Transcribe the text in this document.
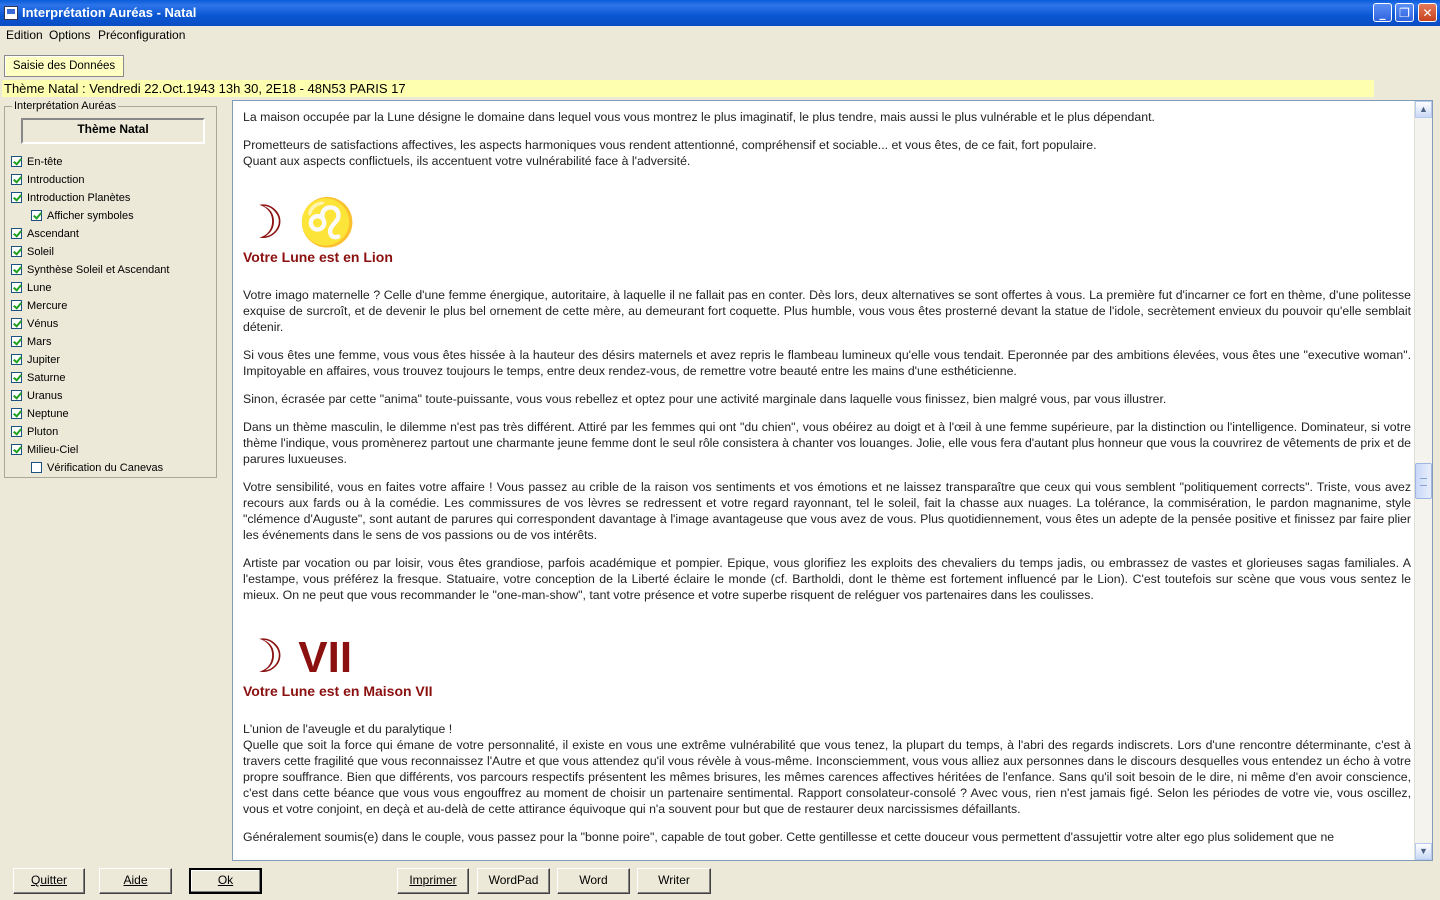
Interprétation Auréas - Natal	_	❐	✕
Edition Options Préconfiguration
Saisie des Données
Thème Natal : Vendredi 22.Oct.1943 13h 30, 2E18 - 48N53 PARIS 17
Interprétation Auréas
Thème Natal
En-tête
Introduction
Introduction Planètes
Afficher symboles
Ascendant
Soleil
Synthèse Soleil et Ascendant
Lune
Mercure
Vénus
Mars
Jupiter
Saturne
Uranus
Neptune
Pluton
Milieu-Ciel
Vérification du Canevas

La maison occupée par la Lune désigne le domaine dans lequel vous vous montrez le plus imaginatif, le plus tendre, mais aussi le plus vulnérable et le plus dépendant.

Prometteurs de satisfactions affectives, les aspects harmoniques vous rendent attentionné, compréhensif et sociable... et vous êtes, de ce fait, fort populaire.
Quant aux aspects conflictuels, ils accentuent votre vulnérabilité face à l'adversité.

☽ ♌
Votre Lune est en Lion

Votre imago maternelle ? Celle d'une femme énergique, autoritaire, à laquelle il ne fallait pas en conter. Dès lors, deux alternatives se sont offertes à vous. La première fut d'incarner ce fort en thème, d'une politesse exquise de surcroît, et de devenir le plus bel ornement de cette mère, au demeurant fort coquette. Plus humble, vous vous êtes prosterné devant la statue de l'idole, secrètement envieux du pouvoir qu'elle semblait détenir.

Si vous êtes une femme, vous vous êtes hissée à la hauteur des désirs maternels et avez repris le flambeau lumineux qu'elle vous tendait. Eperonnée par des ambitions élevées, vous êtes une "executive woman". Impitoyable en affaires, vous trouvez toujours le temps, entre deux rendez-vous, de remettre votre beauté entre les mains d'une esthéticienne.

Sinon, écrasée par cette "anima" toute-puissante, vous vous rebellez et optez pour une activité marginale dans laquelle vous finissez, bien malgré vous, par vous illustrer.

Dans un thème masculin, le dilemme n'est pas très différent. Attiré par les femmes qui ont "du chien", vous obéirez au doigt et à l'œil à une femme supérieure, par la distinction ou l'intelligence. Dominateur, si votre thème l'indique, vous promènerez partout une charmante jeune femme dont le seul rôle consistera à chanter vos louanges. Jolie, elle vous fera d'autant plus honneur que vous la couvrirez de vêtements de prix et de parures luxueuses.

Votre sensibilité, vous en faites votre affaire ! Vous passez au crible de la raison vos sentiments et vos émotions et ne laissez transparaître que ceux qui vous semblent "politiquement corrects". Triste, vous avez recours aux fards ou à la comédie. Les commissures de vos lèvres se redressent et votre regard rayonnant, tel le soleil, fait la chasse aux nuages. La tolérance, la commisération, le pardon magnanime, style "clémence d'Auguste", sont autant de parures qui correspondent davantage à l'image avantageuse que vous avez de vous. Plus quotidiennement, vous êtes un adepte de la pensée positive et finissez par faire plier les événements dans le sens de vos passions ou de vos intérêts.

Artiste par vocation ou par loisir, vous êtes grandiose, parfois académique et pompier. Epique, vous glorifiez les exploits des chevaliers du temps jadis, ou embrassez de vastes et glorieuses sagas familiales. A l'estampe, vous préférez la fresque. Statuaire, votre conception de la Liberté éclaire le monde (cf. Bartholdi, dont le thème est fortement influencé par le Lion). C'est toutefois sur scène que vous vous sentez le mieux. On ne peut que vous recommander le "one-man-show", tant votre présence et votre superbe risquent de reléguer vos partenaires dans les coulisses.

☽ VII
Votre Lune est en Maison VII

L'union de l'aveugle et du paralytique !
Quelle que soit la force qui émane de votre personnalité, il existe en vous une extrême vulnérabilité que vous tenez, la plupart du temps, à l'abri des regards indiscrets. Lors d'une rencontre déterminante, c'est à travers cette fragilité que vous reconnaissez l'Autre et que vous attendez qu'il vous révèle à vous-même. Inconsciemment, vous vous alliez aux personnes dans le discours desquelles vous entendez un écho à votre propre souffrance. Bien que différents, vos parcours respectifs présentent les mêmes brisures, les mêmes carences affectives héritées de l'enfance. Sans qu'il soit besoin de le dire, ni même d'en avoir conscience, c'est dans cette béance que vous vous engouffrez au moment de choisir un partenaire sentimental. Rapport consolateur-consolé ? Avec vous, rien n'est jamais figé. Selon les périodes de votre vie, vous oscillez, vous et votre conjoint, en deçà et au-delà de cette attirance équivoque qui n'a souvent pour but que de restaurer deux narcissismes défaillants.

Généralement soumis(e) dans le couple, vous passez pour la "bonne poire", capable de tout gober. Cette gentillesse et cette douceur vous permettent d'assujettir votre alter ego plus solidement que ne

▲
▼
Quitter	Aide	Ok	Imprimer	WordPad	Word	Writer
